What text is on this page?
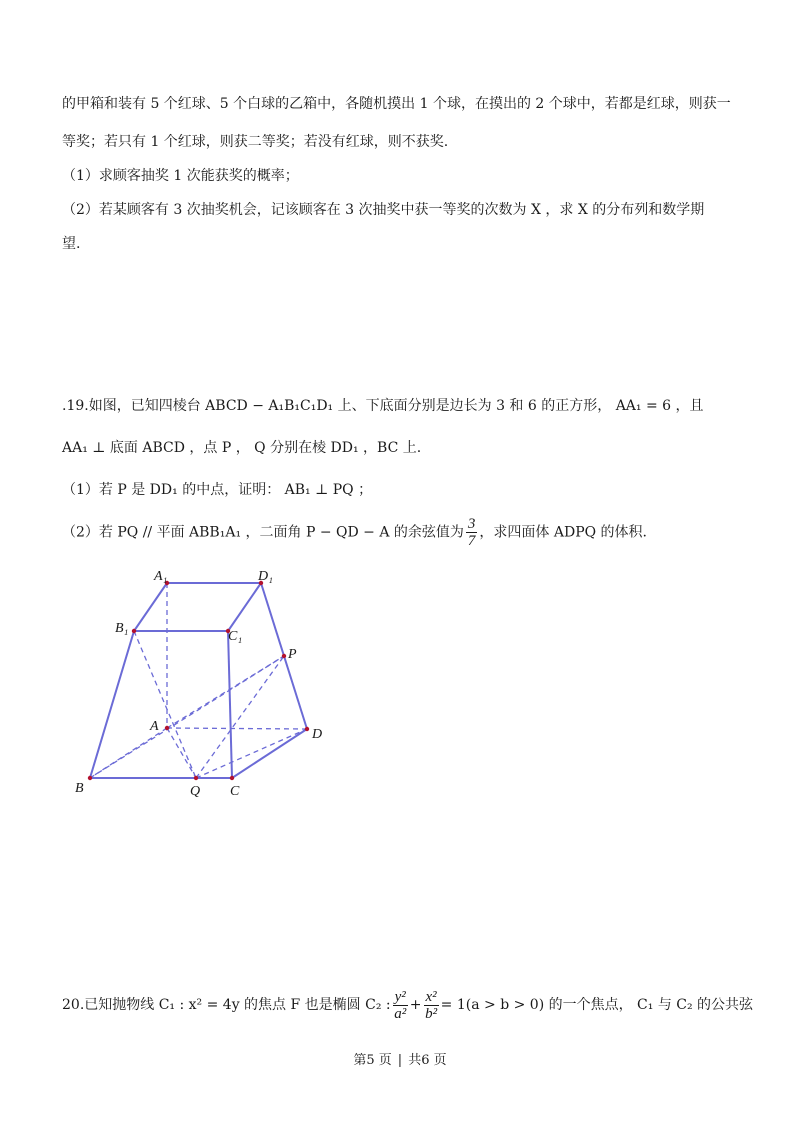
的甲箱和装有 5 个红球、5 个白球的乙箱中，各随机摸出 1 个球，在摸出的 2 个球中，若都是红球，则获一
等奖；若只有 1 个红球，则获二等奖；若没有红球，则不获奖.
（1）求顾客抽奖 1 次能获奖的概率；
（2）若某顾客有 3 次抽奖机会，记该顾客在 3 次抽奖中获一等奖的次数为 X ，求 X 的分布列和数学期
望.
.19.如图，已知四棱台 ABCD − A₁B₁C₁D₁ 上、下底面分别是边长为 3 和 6 的正方形， AA₁ = 6 ，且
AA₁ ⊥ 底面 ABCD ，点 P ， Q 分别在棱 DD₁ ，BC 上.
（1）若 P 是 DD₁ 的中点，证明： AB₁ ⊥ PQ ；
（2）若 PQ // 平面 ABB₁A₁ ，二面角 P − QD − A 的余弦值为 $\frac{3}{7}$ ，求四面体 ADPQ 的体积.
A₁	D₁
B₁
C₁
P
A
D
B	Q C
20.已知抛物线 C₁ : x² = 4y 的焦点 F 也是椭圆 C₂ : $\frac{\text{y²}}{\text{a²}} + \frac{\text{x²}}{\text{b²}} = 1(a > b > 0)$ 的一个焦点， C₁ 与 C₂ 的公共弦
第5 页 | 共6 页
